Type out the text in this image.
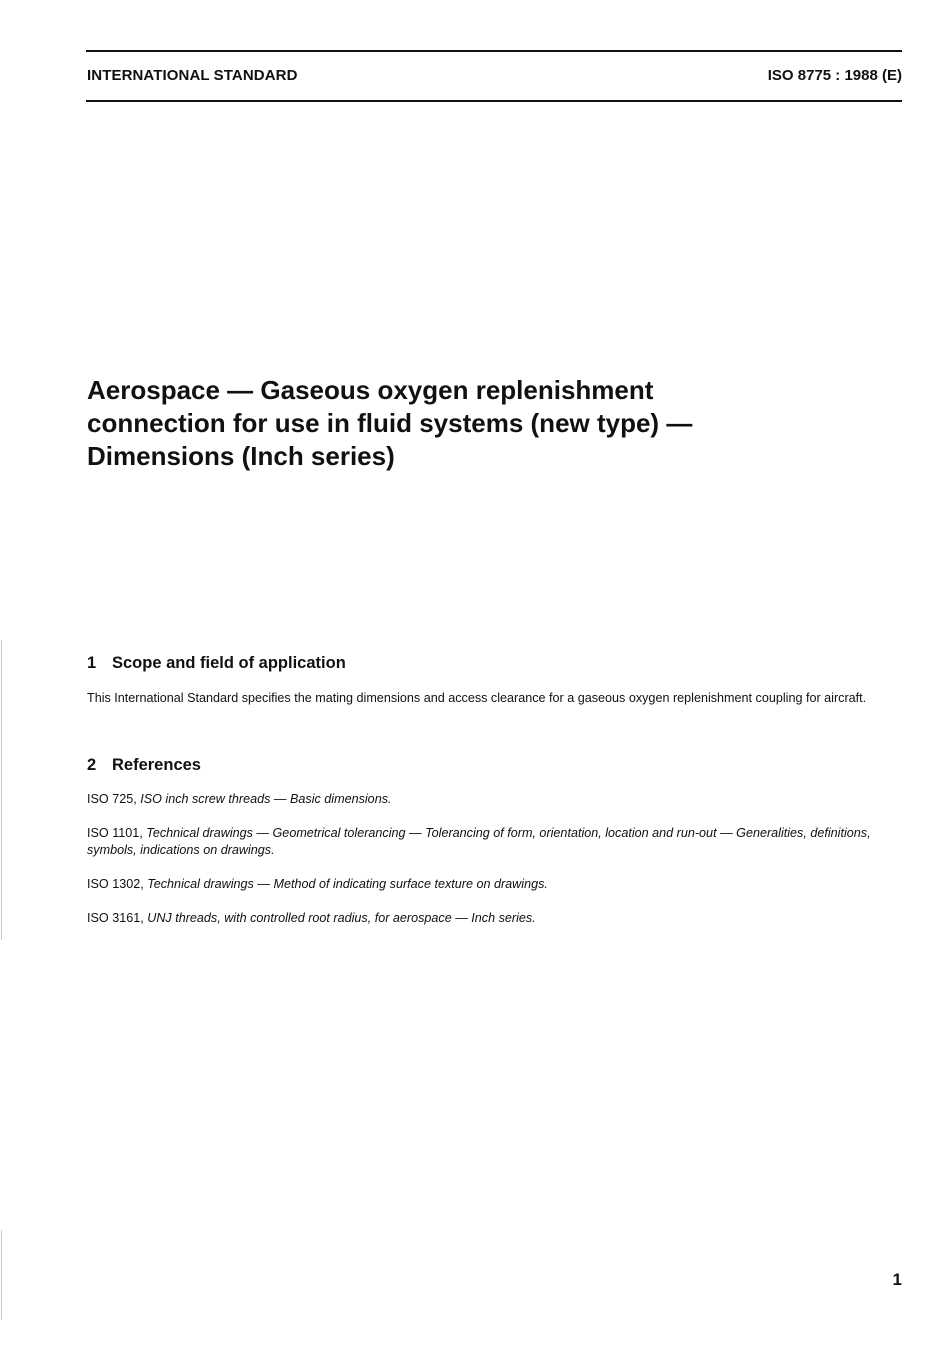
INTERNATIONAL STANDARD	ISO 8775 : 1988 (E)
Aerospace — Gaseous oxygen replenishment
connection for use in fluid systems (new type) —
Dimensions (Inch series)
1 Scope and field of application

This International Standard specifies the mating dimensions and access clearance for a gaseous oxygen replenishment coupling for aircraft.

2 References

ISO 725, ISO inch screw threads — Basic dimensions.

ISO 1101, Technical drawings — Geometrical tolerancing — Tolerancing of form, orientation, location and run-out — Generalities, definitions, symbols, indications on drawings.

ISO 1302, Technical drawings — Method of indicating surface texture on drawings.

ISO 3161, UNJ threads, with controlled root radius, for aerospace — Inch series.

1
